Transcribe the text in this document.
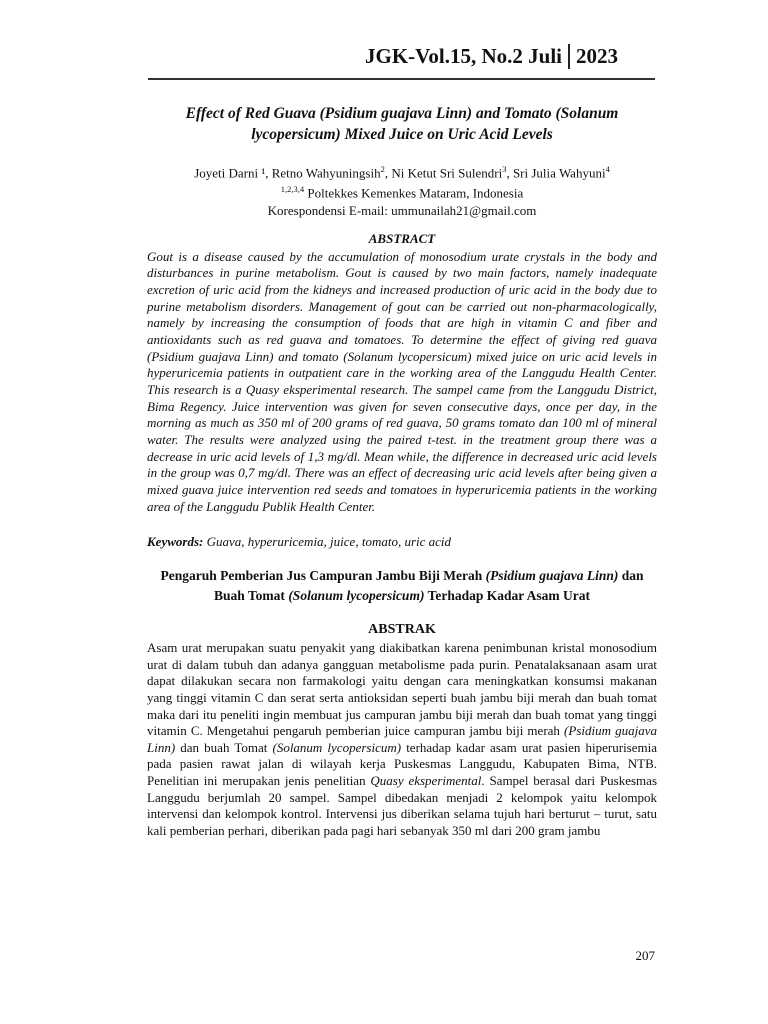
JGK-Vol.15, No.2 Juli 2023

Effect of Red Guava (Psidium guajava Linn) and Tomato (Solanum lycopersicum) Mixed Juice on Uric Acid Levels

Joyeti Darni ¹, Retno Wahyuningsih$^2$, Ni Ketut Sri Sulendri$^3$, Sri Julia Wahyuni$^4$
$^{1,2,3,4}$ Poltekkes Kemenkes Mataram, Indonesia
Korespondensi E-mail: ummunailah21@gmail.com
ABSTRACT
Gout is a disease caused by the accumulation of monosodium urate crystals in the body and disturbances in purine metabolism. Gout is caused by two main factors, namely inadequate excretion of uric acid from the kidneys and increased production of uric acid in the body due to purine metabolism disorders. Management of gout can be carried out non-pharmacologically, namely by increasing the consumption of foods that are high in vitamin C and fiber and antioxidants such as red guava and tomatoes. To determine the effect of giving red guava (Psidium guajava Linn) and tomato (Solanum lycopersicum) mixed juice on uric acid levels in hyperuricemia patients in outpatient care in the working area of the Langgudu Health Center. This research is a Quasy eksperimental research. The sampel came from the Langgudu District, Bima Regency. Juice intervention was given for seven consecutive days, once per day, in the morning as much as 350 ml of 200 grams of red guava, 50 grams tomato dan 100 ml of mineral water. The results were analyzed using the paired t-test. in the treatment group there was a decrease in uric acid levels of 1,3 mg/dl. Mean while, the difference in decreased uric acid levels in the group was 0,7 mg/dl. There was an effect of decreasing uric acid levels after being given a mixed guava juice intervention red seeds and tomatoes in hyperuricemia patients in the working area of the Langgudu Publik Health Center.
Keywords: Guava, hyperuricemia, juice, tomato, uric acid
Pengaruh Pemberian Jus Campuran Jambu Biji Merah (Psidium guajava Linn) dan Buah Tomat (Solanum lycopersicum) Terhadap Kadar Asam Urat
ABSTRAK
Asam urat merupakan suatu penyakit yang diakibatkan karena penimbunan kristal monosodium urat di dalam tubuh dan adanya gangguan metabolisme pada purin. Penatalaksanaan asam urat dapat dilakukan secara non farmakologi yaitu dengan cara meningkatkan konsumsi makanan yang tinggi vitamin C dan serat serta antioksidan seperti buah jambu biji merah dan buah tomat maka dari itu peneliti ingin membuat jus campuran jambu biji merah dan buah tomat yang tinggi vitamin C. Mengetahui pengaruh pemberian juice campuran jambu biji merah (Psidium guajava Linn) dan buah Tomat (Solanum lycopersicum) terhadap kadar asam urat pasien hiperurisemia pada pasien rawat jalan di wilayah kerja Puskesmas Langgudu, Kabupaten Bima, NTB. Penelitian ini merupakan jenis penelitian Quasy eksperimental. Sampel berasal dari Puskesmas Langgudu berjumlah 20 sampel. Sampel dibedakan menjadi 2 kelompok yaitu kelompok intervensi dan kelompok kontrol. Intervensi jus diberikan selama tujuh hari berturut – turut, satu kali pemberian perhari, diberikan pada pagi hari sebanyak 350 ml dari 200 gram jambu
207
